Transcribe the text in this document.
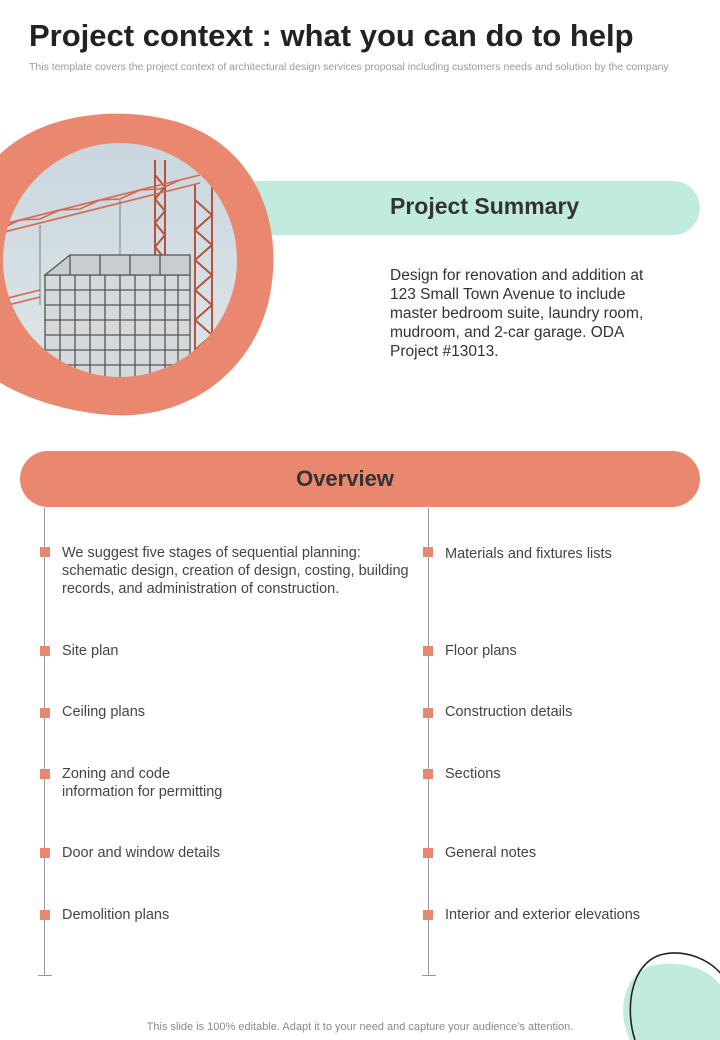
Project context : what you can do to help
This template covers the project context of architectural design services proposal including customers needs and solution by the company
Project Summary
Design for renovation and addition at 123 Small Town Avenue to include master bedroom suite, laundry room, mudroom, and 2-car garage. ODA Project #13013.
Overview
We suggest five stages of sequential planning: schematic design, creation of design, costing, building records, and administration of construction.
Site plan
Ceiling plans
Zoning and code information for permitting
Door and window details
Demolition plans
Materials and fixtures lists
Floor plans
Construction details
Sections
General notes
Interior and exterior elevations
This slide is 100% editable. Adapt it to your need and capture your audience’s attention.
